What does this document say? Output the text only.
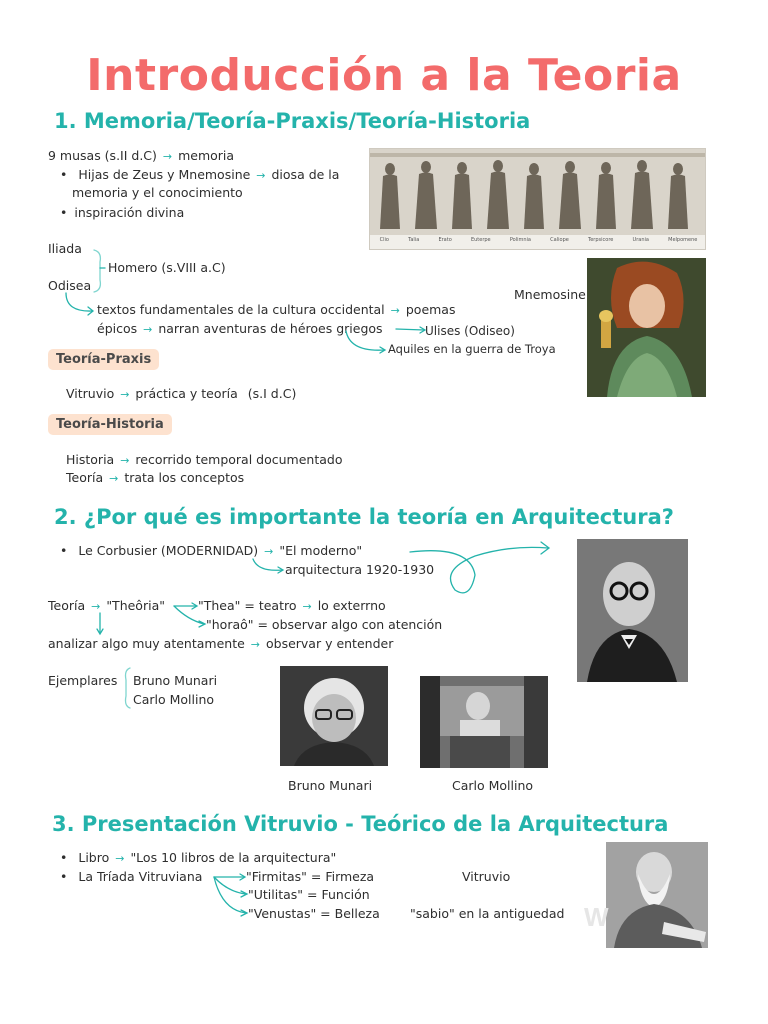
Introducción a la Teoria
1. Memoria/Teoría-Praxis/Teoría-Historia
9 musas (s.II d.C) → memoria
• Hijas de Zeus y Mnemosine → diosa de la
memoria y el conocimiento
• inspiración divina
Clio	Talia	Erato	Euterpe	Polimnia	Caliope	Terpsicore	Urania	Melpomene
Iliada
Odisea
Homero (s.VIII a.C)
textos fundamentales de la cultura occidental → poemas
épicos → narran aventuras de héroes griegos	Ulises (Odiseo)
Aquiles en la guerra de Troya
Mnemosine
Teoría-Praxis
Vitruvio → práctica y teoría (s.I d.C)
Teoría-Historia
Historia → recorrido temporal documentado
Teoría → trata los conceptos
2. ¿Por qué es importante la teoría en Arquitectura?
• Le Corbusier (MODERNIDAD) → "El moderno"
arquitectura 1920-1930
Teoría → "Theôria"	"Thea" = teatro → lo exterrno
"horaô" = observar algo con atención
analizar algo muy atentamente → observar y entender
Ejemplares Bruno Munari
Carlo Mollino
Bruno Munari	Carlo Mollino
3. Presentación Vitruvio - Teórico de la Arquitectura
• Libro → "Los 10 libros de la arquitectura"
• La Tríada Vitruviana	"Firmitas" = Firmeza
"Utilitas" = Función
"Venustas" = Belleza
Vitruvio
"sabio" en la antiguedad W
